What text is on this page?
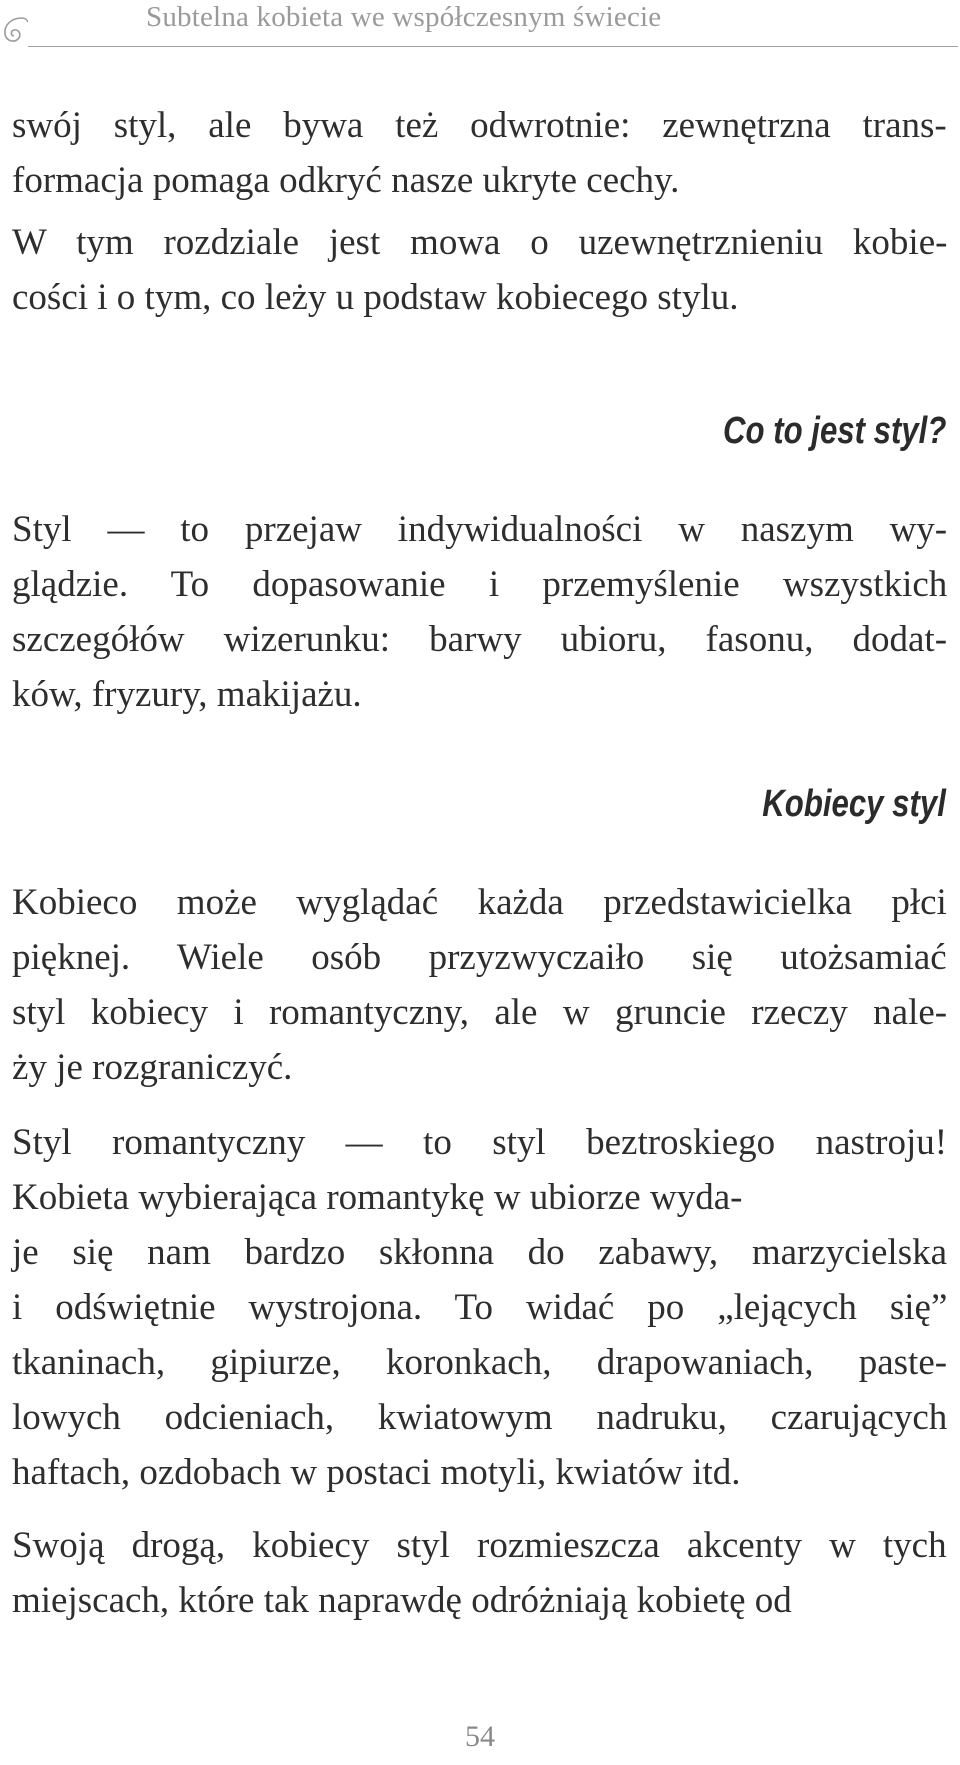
Subtelna kobieta we współczesnym świecie
swój styl, ale bywa też odwrotnie: zewnętrzna trans-
formacja pomaga odkryć nasze ukryte cechy.
W tym rozdziale jest mowa o uzewnętrznieniu kobie-
cości i o tym, co leży u podstaw kobiecego stylu.
Co to jest styl?
Styl — to przejaw indywidualności w naszym wy-
glądzie. To dopasowanie i przemyślenie wszystkich
szczegółów wizerunku: barwy ubioru, fasonu, dodat-
ków, fryzury, makijażu.
Kobiecy styl
Kobieco może wyglądać każda przedstawicielka płci
pięknej. Wiele osób przyzwyczaiło się utożsamiać
styl kobiecy i romantyczny, ale w gruncie rzeczy nale-
ży je rozgraniczyć.
Styl romantyczny — to styl beztroskiego nastroju!
Kobieta wybierająca romantykę w ubiorze wyda-
je się nam bardzo skłonna do zabawy, marzycielska
i odświętnie wystrojona. To widać po „lejących się”
tkaninach, gipiurze, koronkach, drapowaniach, paste-
lowych odcieniach, kwiatowym nadruku, czarujących
haftach, ozdobach w postaci motyli, kwiatów itd.
Swoją drogą, kobiecy styl rozmieszcza akcenty w tych
miejscach, które tak naprawdę odróżniają kobietę od
54
